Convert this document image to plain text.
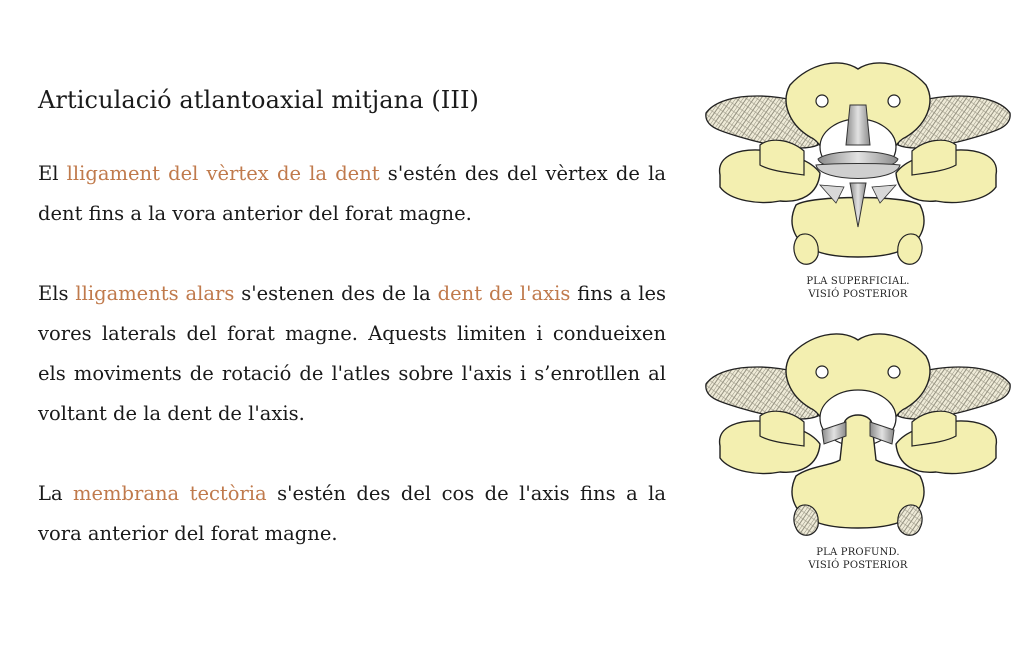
Articulació atlantoaxial mitjana (III)

El lligament del vèrtex de la dent s'estén des del vèrtex de la dent fins a la vora anterior del forat magne.

Els lligaments alars s'estenen des de la dent de l'axis fins a les vores laterals del forat magne. Aquests limiten i condueixen els moviments de rotació de l'atles sobre l'axis i s’enrotllen al voltant de la dent de l'axis.

La membrana tectòria s'estén des del cos de l'axis fins a la vora anterior del forat magne.

PLA SUPERFICIAL.
VISIÓ POSTERIOR
PLA PROFUND.
VISIÓ POSTERIOR
